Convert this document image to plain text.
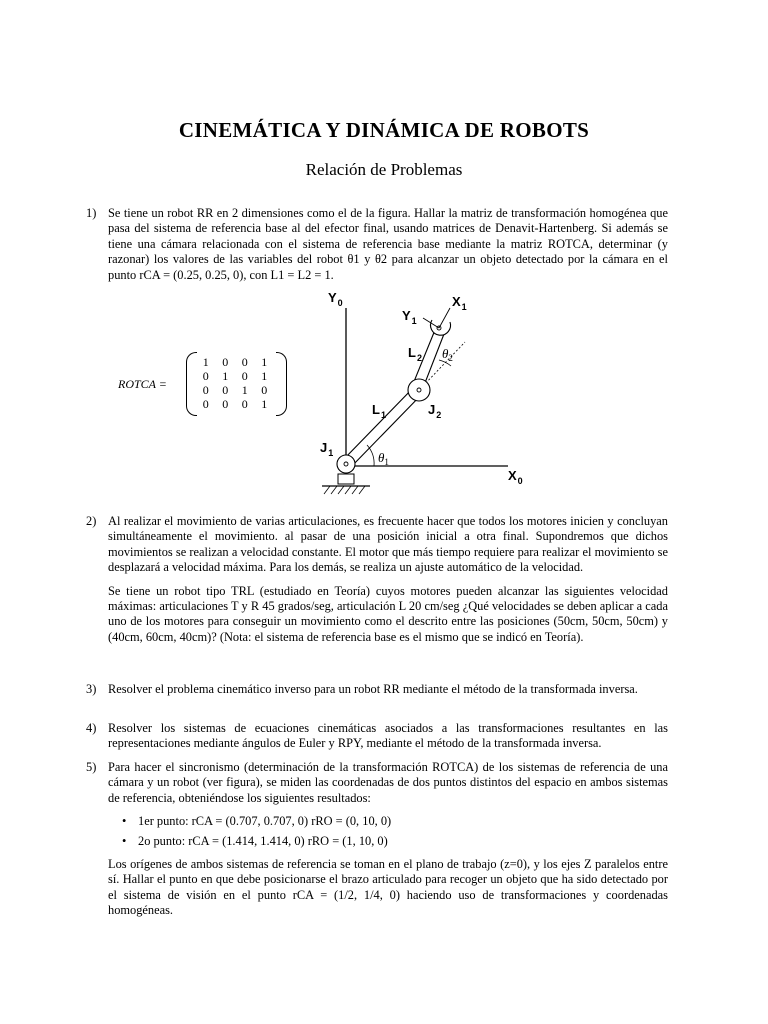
CINEMÁTICA Y DINÁMICA DE ROBOTS
Relación de Problemas
1) Se tiene un robot RR en 2 dimensiones como el de la figura. Hallar la matriz de transformación homogénea que pasa del sistema de referencia base al del efector final, usando matrices de Denavit-Hartenberg. Si además se tiene una cámara relacionada con el sistema de referencia base mediante la matriz ROTCA, determinar (y razonar) los valores de las variables del robot θ1 y θ2 para alcanzar un objeto detectado por la cámara en el punto rCA = (0.25, 0.25, 0), con L1 = L2 = 1.
ROTCA =
1	0	0	1
0	1	0	1
0	0	1	0
0	0	0	1
$Y_0$
$X_0$
$X_1$
$Y_1$
$L_2$
$L_1$	$J_2$
$J_1$	$\theta_1$
$\theta_2$
2) Al realizar el movimiento de varias articulaciones, es frecuente hacer que todos los motores inicien y concluyan simultáneamente el movimiento. al pasar de una posición inicial a otra final. Supondremos que dichos movimientos se realizan a velocidad constante. El motor que más tiempo requiere para realizar el movimiento se desplazará a velocidad máxima. Para los demás, se realiza un ajuste automático de la velocidad.
Se tiene un robot tipo TRL (estudiado en Teoría) cuyos motores pueden alcanzar las siguientes velocidad máximas: articulaciones T y R 45 grados/seg, articulación L 20 cm/seg ¿Qué velocidades se deben aplicar a cada uno de los motores para conseguir un movimiento como el descrito entre las posiciones (50cm, 50cm, 50cm) y (40cm, 60cm, 40cm)? (Nota: el sistema de referencia base es el mismo que se indicó en Teoría).
3) Resolver el problema cinemático inverso para un robot RR mediante el método de la transformada inversa.
4) Resolver los sistemas de ecuaciones cinemáticas asociados a las transformaciones resultantes en las representaciones mediante ángulos de Euler y RPY, mediante el método de la transformada inversa.
5) Para hacer el sincronismo (determinación de la transformación ROTCA) de los sistemas de referencia de una cámara y un robot (ver figura), se miden las coordenadas de dos puntos distintos del espacio en ambos sistemas de referencia, obteniéndose los siguientes resultados:
• 1er punto: rCA = (0.707, 0.707, 0) rRO = (0, 10, 0)
• 2o punto: rCA = (1.414, 1.414, 0) rRO = (1, 10, 0)
Los orígenes de ambos sistemas de referencia se toman en el plano de trabajo (z=0), y los ejes Z paralelos entre sí. Hallar el punto en que debe posicionarse el brazo articulado para recoger un objeto que ha sido detectado por el sistema de visión en el punto rCA = (1/2, 1/4, 0) haciendo uso de transformaciones y coordenadas homogéneas.
